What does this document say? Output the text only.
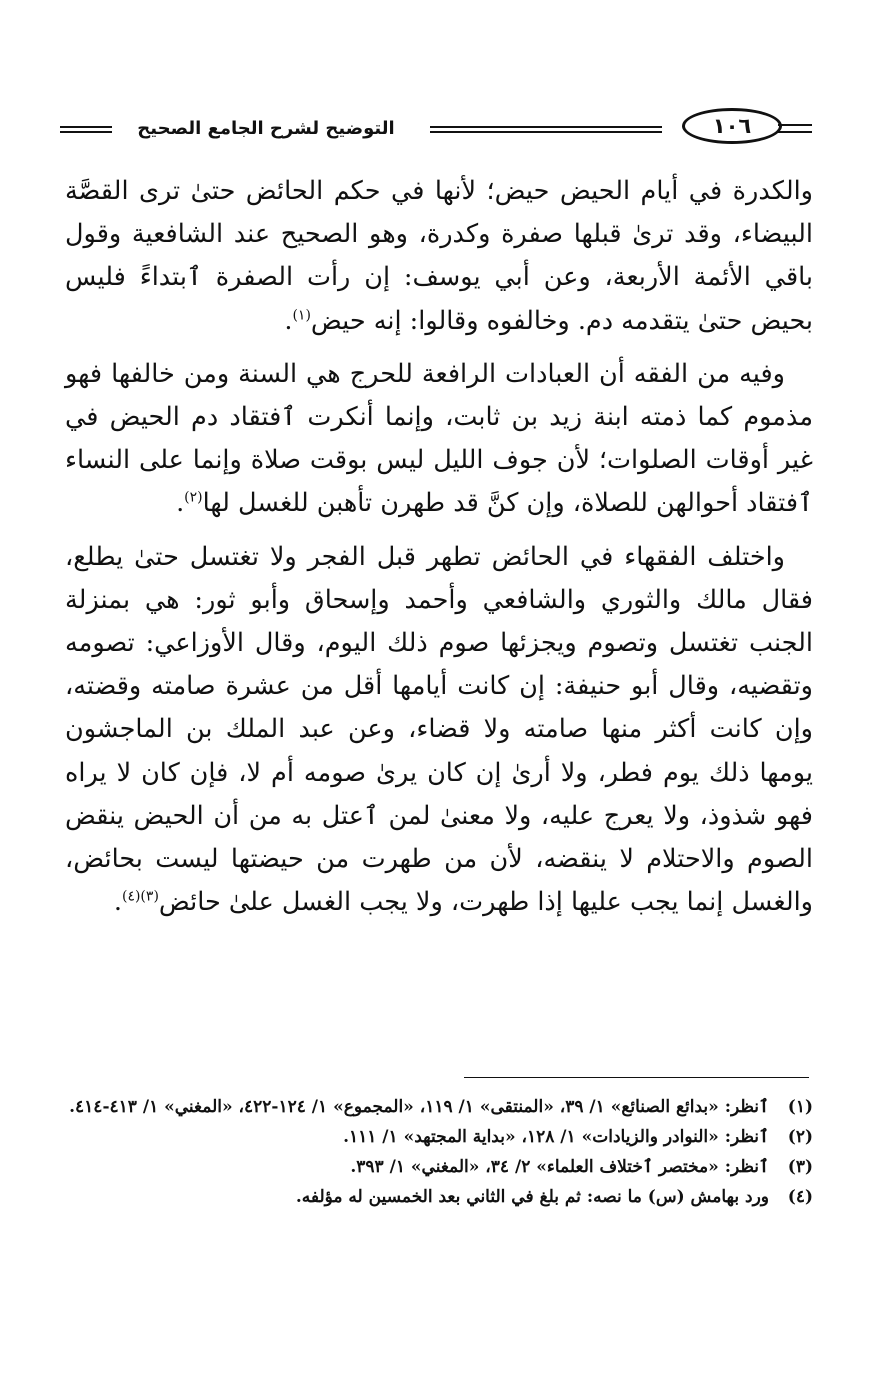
١٠٦
التوضيح لشرح الجامع الصحيح

والكدرة في أيام الحيض حيض؛ لأنها في حكم الحائض حتىٰ ترى القصَّة البيضاء، وقد ترىٰ قبلها صفرة وكدرة، وهو الصحيح عند الشافعية وقول باقي الأئمة الأربعة، وعن أبي يوسف: إن رأت الصفرة ٱبتداءً فليس بحيض حتىٰ يتقدمه دم. وخالفوه وقالوا: إنه حيض$^{(١)}$.

وفيه من الفقه أن العبادات الرافعة للحرج هي السنة ومن خالفها فهو مذموم كما ذمته ابنة زيد بن ثابت، وإنما أنكرت ٱفتقاد دم الحيض في غير أوقات الصلوات؛ لأن جوف الليل ليس بوقت صلاة وإنما على النساء ٱفتقاد أحوالهن للصلاة، وإن كنَّ قد طهرن تأهبن للغسل لها$^{(٢)}$.

واختلف الفقهاء في الحائض تطهر قبل الفجر ولا تغتسل حتىٰ يطلع، فقال مالك والثوري والشافعي وأحمد وإسحاق وأبو ثور: هي بمنزلة الجنب تغتسل وتصوم ويجزئها صوم ذلك اليوم، وقال الأوزاعي: تصومه وتقضيه، وقال أبو حنيفة: إن كانت أيامها أقل من عشرة صامته وقضته، وإن كانت أكثر منها صامته ولا قضاء، وعن عبد الملك بن الماجشون يومها ذلك يوم فطر، ولا أرىٰ إن كان يرىٰ صومه أم لا، فإن كان لا يراه فهو شذوذ، ولا يعرج عليه، ولا معنىٰ لمن ٱعتل به من أن الحيض ينقض الصوم والاحتلام لا ينقضه، لأن من طهرت من حيضتها ليست بحائض، والغسل إنما يجب عليها إذا طهرت، ولا يجب الغسل علىٰ حائض$^{(٣)(٤)}$.

(١)
ٱنظر: «بدائع الصنائع» ١/ ٣٩، «المنتقى» ١/ ١١٩، «المجموع» ١/ ١٢٤-٤٢٢، «المغني» ١/ ٤١٣-٤١٤.

(٢)
ٱنظر: «النوادر والزيادات» ١/ ١٢٨، «بداية المجتهد» ١/ ١١١.

(٣)
ٱنظر: «مختصر ٱختلاف العلماء» ٢/ ٣٤، «المغني» ١/ ٣٩٣.

(٤)
ورد بهامش (س) ما نصه: ثم بلغ في الثاني بعد الخمسين له مؤلفه.
